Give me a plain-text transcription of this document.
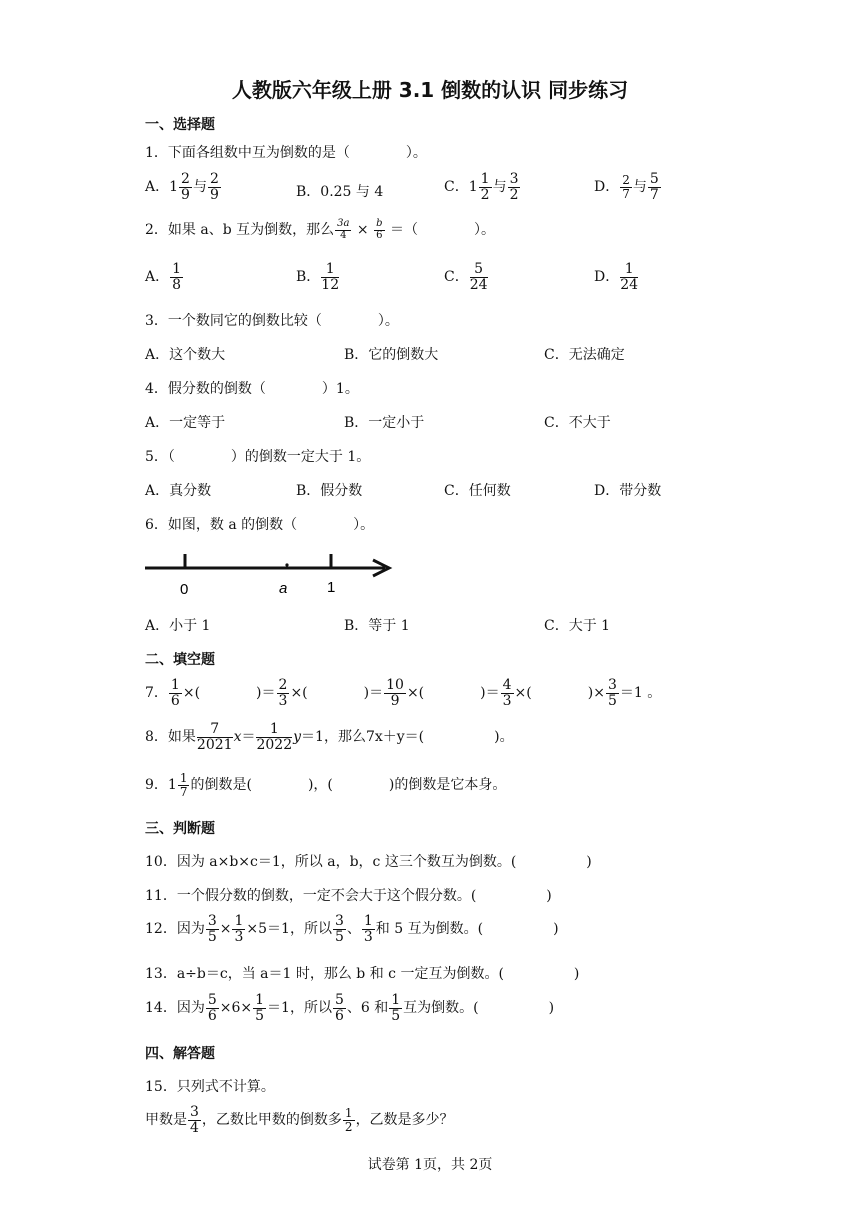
人教版六年级上册 3.1 倒数的认识 同步练习
一、选择题
1．下面各组数中互为倒数的是（　　　　）。
A．$1 \frac{2}{9}$ 与 $\frac{2}{9}$	B．0.25 与 4	C．$1 \frac{1}{2}$ 与 $\frac{3}{2}$	D． $\frac{2}{7}$ 与 $\frac{5}{7}$
2．如果 a、b 互为倒数，那么 $\frac{3a}{4} \times \frac{b}{6}$ ＝（　　　　）。
A． $\frac{1}{8}$	B． $\frac{1}{12}$	C． $\frac{5}{24}$	D． $\frac{1}{24}$
3．一个数同它的倒数比较（　　　　）。
A．这个数大	B．它的倒数大	C．无法确定
4．假分数的倒数（　　　　）1。
A．一定等于	B．一定小于	C．不大于
5．（　　　　）的倒数一定大于 1。
A．真分数	B．假分数	C．任何数	D．带分数
6．如图，数 a 的倒数（　　　　）。
0	a	1
A．小于 1	B．等于 1	C．大于 1
二、填空题
7． $\frac{1}{6}$ ×(	)＝ $\frac{2}{3}$ ×(	)＝ $\frac{10}{9}$ ×(	)＝ $\frac{4}{3}$ ×(	)× $\frac{3}{5} =1$ 。
8．如果 $\frac{7}{2021} x= \frac{1}{2022} y=1$，那么7x＋y＝(	)。
9．$1 \frac{1}{7}$ 的倒数是(	)，(	)的倒数是它本身。
三、判断题
10．因为 a×b×c＝1，所以 a，b，c 这三个数互为倒数。(　　　　　)
11．一个假分数的倒数，一定不会大于这个假分数。(　　　　　)
12．因为 $\frac{3}{5} \times \frac{1}{3} \times 5=1$，所以 $\frac{3}{5}$ 、 $\frac{1}{3}$ 和 5 互为倒数。(　　　　　)
13．a÷b＝c，当 a＝1 时，那么 b 和 c 一定互为倒数。(　　　　　)
14．因为 $\frac{5}{6} \times 6\times \frac{1}{5} =1$，所以 $\frac{5}{6}$ 、6 和 $\frac{1}{5}$ 互为倒数。(　　　　　)
四、解答题
15．只列式不计算。
甲数是 $\frac{3}{4}$ ，乙数比甲数的倒数多 $\frac{1}{2}$ ，乙数是多少？
试卷第 1页，共 2页
